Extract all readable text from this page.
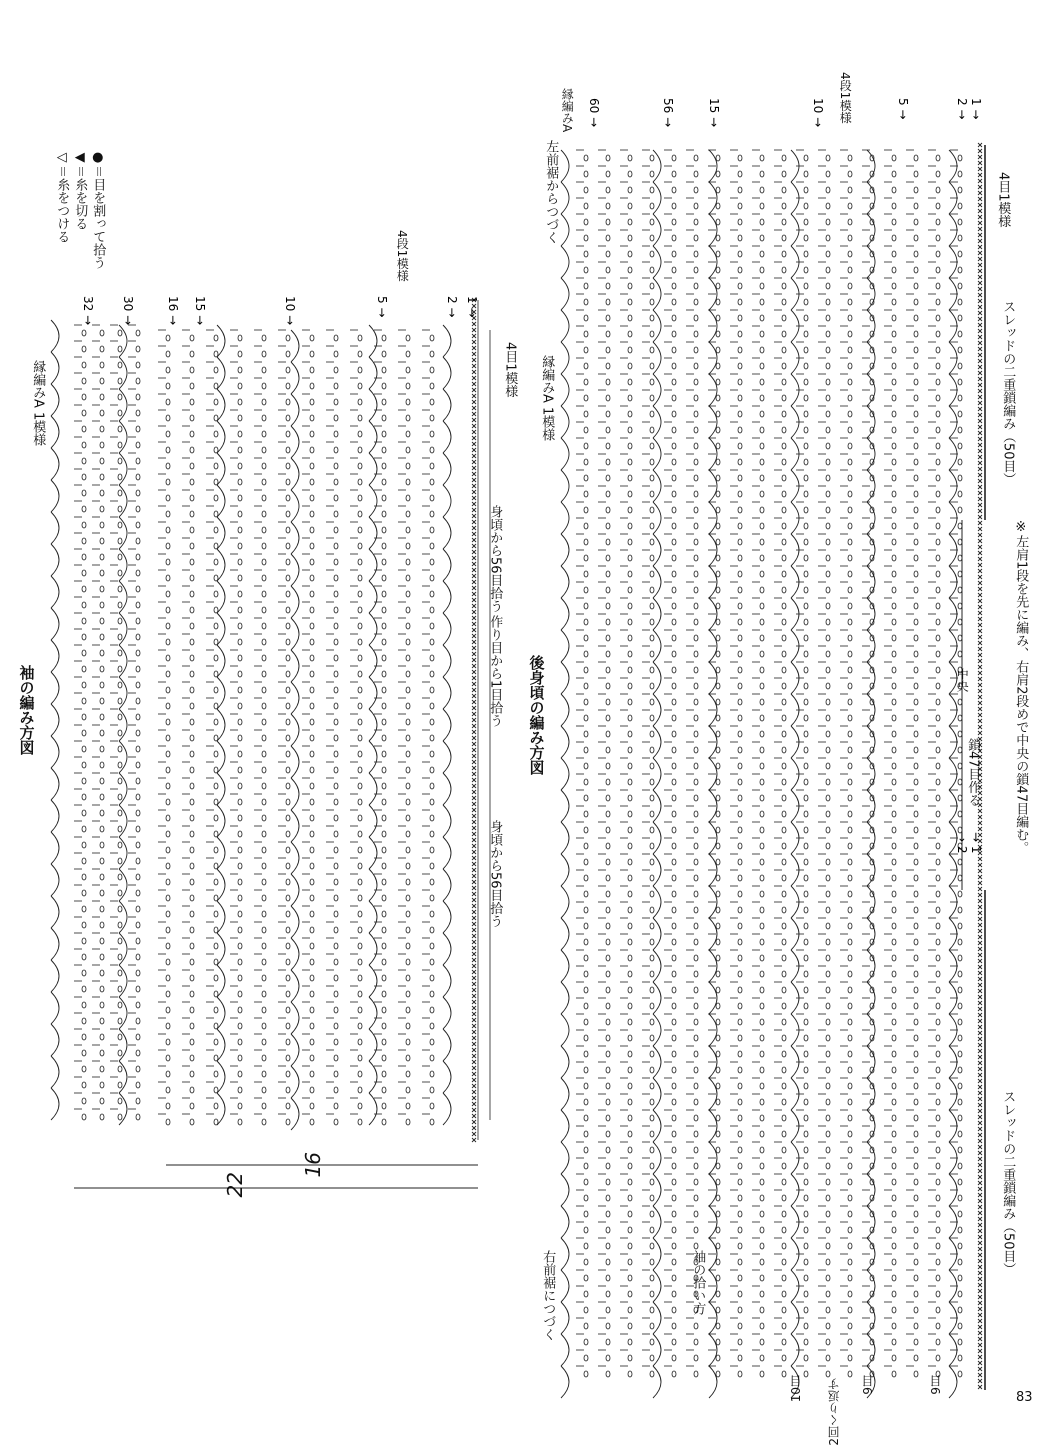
32 → 30 →	16 → 15 →	10 →	5 →	2 → 1 →
60 →	56 →	15 →	10 →	5 →	2 → 1 →
→ 2 → 1
◁＝糸をつける ◀＝糸を切る ●＝目を割って拾う
袖の編み方図
縁編みA 1模様
身頃から56目拾う
作り目から1目拾う
身頃から56目拾う
4目1模様
4段1模様
16
22
後身頃の編み方図
縁編みA 1模様
左前裾からつづく
右前裾につづく	袖の拾い方
鎖47目作る
中央
スレッドの二重鎖編み（50目）
スレッドの二重鎖編み（50目）
4目1模様
4段1模様
縁編みA
※左肩1段を先に編み、右肩2段めで中央の鎖47目編む。
10目	9目
2回くり返す	9目
83
